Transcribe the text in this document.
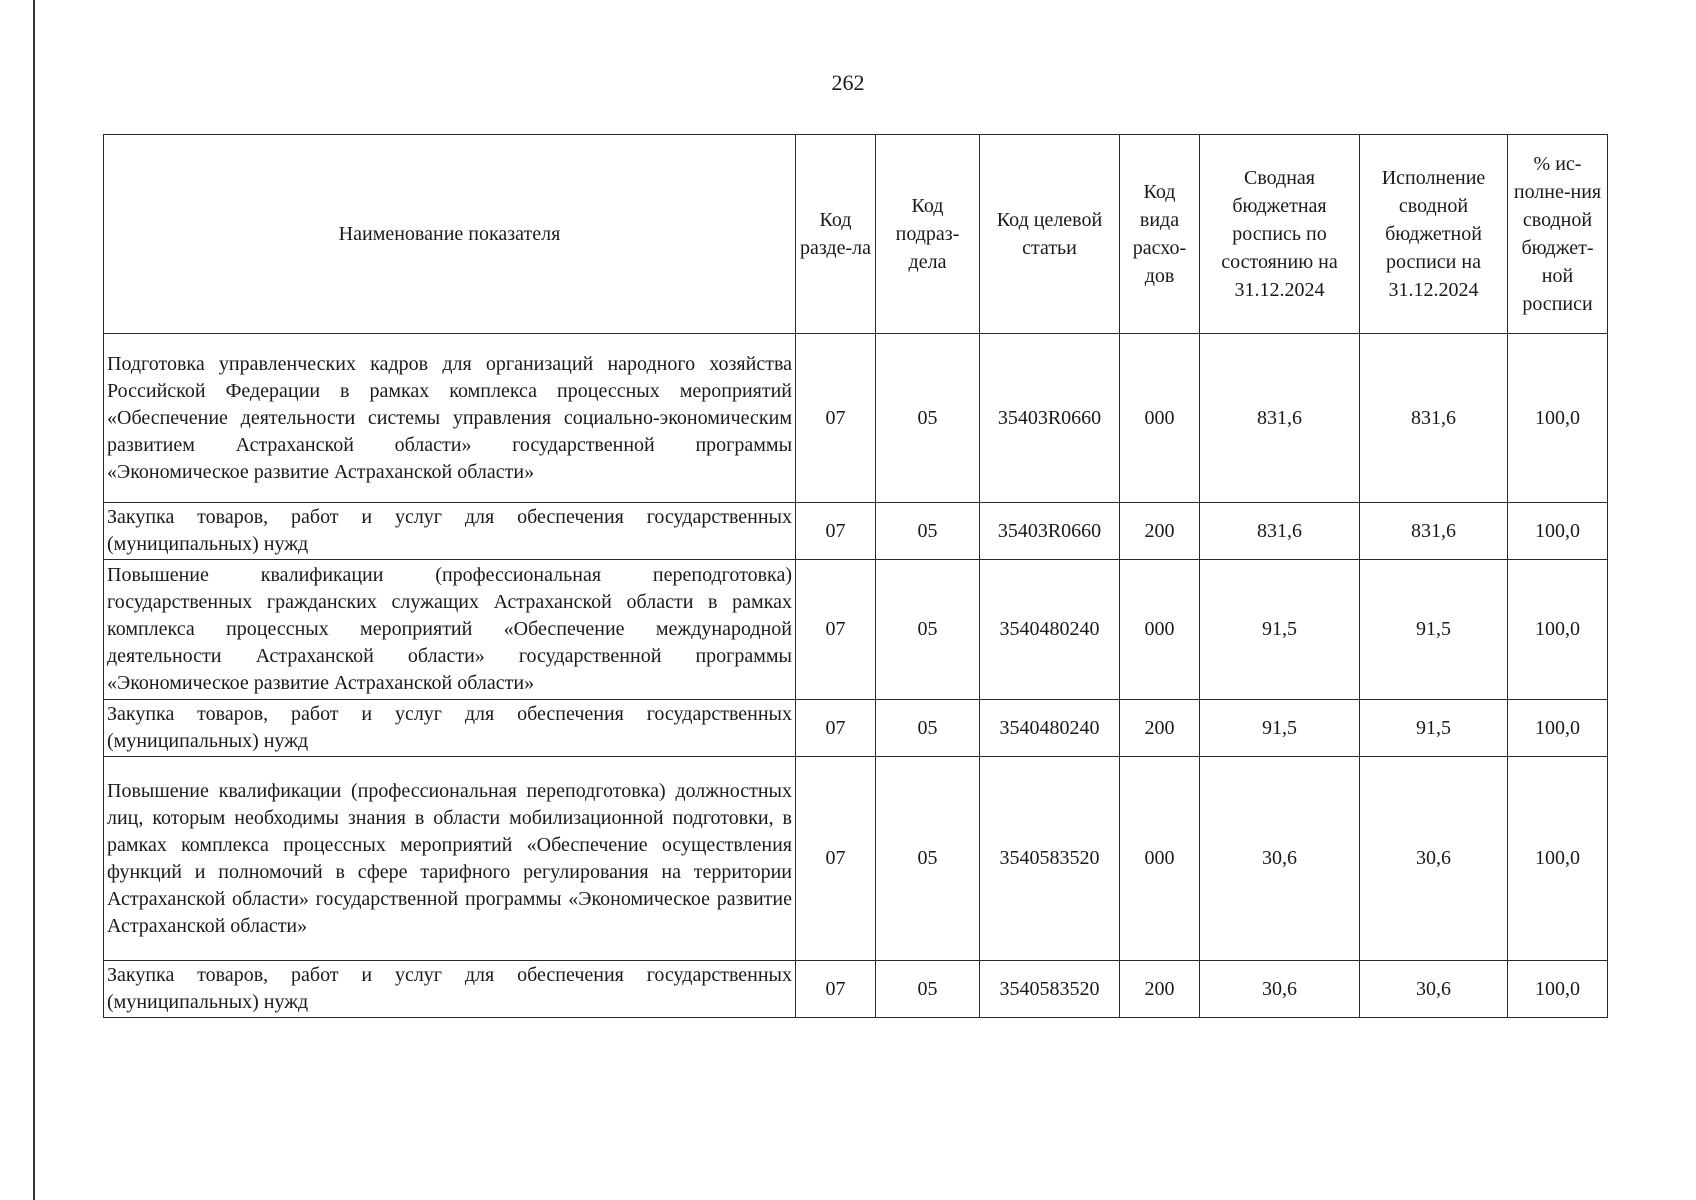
262
Наименование показателя	Код разде-ла	Код подраз-дела	Код целевой статьи	Код вида расхо-дов	Сводная бюджетная роспись по состоянию на 31.12.2024	Исполнение сводной бюджетной росписи на 31.12.2024	% ис-полне-ния сводной бюджет-ной росписи
Подготовка управленческих кадров для организаций народного хозяйства Российской Федерации в рамках комплекса процессных мероприятий «Обеспечение деятельности системы управления социально-экономическим развитием Астраханской области» государственной программы «Экономическое развитие Астраханской области»	07	05	35403R0660	000	831,6	831,6	100,0
Закупка товаров, работ и услуг для обеспечения государственных (муниципальных) нужд	07	05	35403R0660	200	831,6	831,6	100,0
Повышение квалификации (профессиональная переподготовка) государственных гражданских служащих Астраханской области в рамках комплекса процессных мероприятий «Обеспечение международной деятельности Астраханской области» государственной программы «Экономическое развитие Астраханской области»	07	05	3540480240	000	91,5	91,5	100,0
Закупка товаров, работ и услуг для обеспечения государственных (муниципальных) нужд	07	05	3540480240	200	91,5	91,5	100,0
Повышение квалификации (профессиональная переподготовка) должностных лиц, которым необходимы знания в области мобилизационной подготовки, в рамках комплекса процессных мероприятий «Обеспечение осуществления функций и полномочий в сфере тарифного регулирования на территории Астраханской области» государственной программы «Экономическое развитие Астраханской области»	07	05	3540583520	000	30,6	30,6	100,0
Закупка товаров, работ и услуг для обеспечения государственных (муниципальных) нужд	07	05	3540583520	200	30,6	30,6	100,0
